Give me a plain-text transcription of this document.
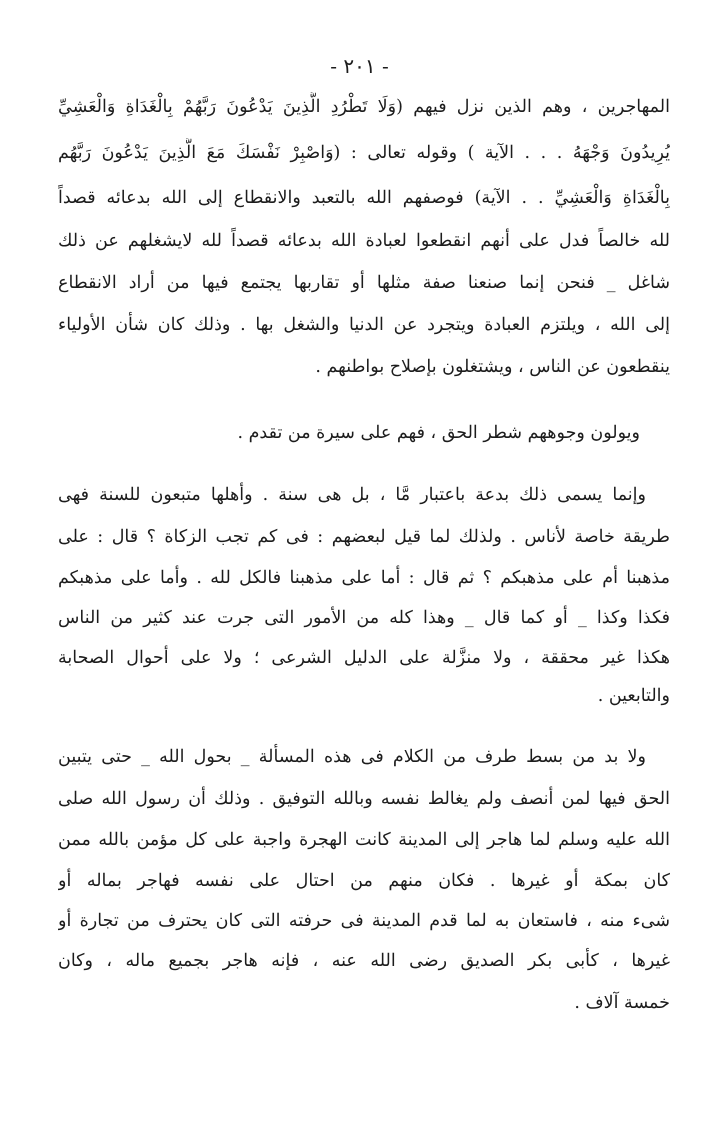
- ٢٠١ -
المهاجرين ، وهم الذين نزل فيهم (وَلَا تَطْرُدِ الَّذِينَ يَدْعُونَ رَبَّهُمْ بِالْغَدَاةِ وَالْعَشِيِّ
يُرِيدُونَ وَجْهَهُ . . . الآية ) وقوله تعالى : (وَاصْبِرْ نَفْسَكَ مَعَ الَّذِينَ يَدْعُونَ رَبَّهُم
بِالْغَدَاةِ وَالْعَشِيِّ . . الآية) فوصفهم الله بالتعبد والانقطاع إلى الله بدعائه قصداً
لله خالصاً فدل على أنهم انقطعوا لعبادة الله بدعائه قصداً لله لايشغلهم عن ذلك
شاغل _ فنحن إنما صنعنا صفة مثلها أو تقاربها يجتمع فيها من أراد الانقطاع
إلى الله ، ويلتزم العبادة ويتجرد عن الدنيا والشغل بها . وذلك كان شأن الأولياء
ينقطعون عن الناس ، ويشتغلون بإصلاح بواطنهم .
ويولون وجوههم شطر الحق ، فهم على سيرة من تقدم .
وإنما يسمى ذلك بدعة باعتبار مَّا ، بل هى سنة . وأهلها متبعون للسنة فهى
طريقة خاصة لأناس . ولذلك لما قيل لبعضهم : فى كم تجب الزكاة ؟ قال : على
مذهبنا أم على مذهبكم ؟ ثم قال : أما على مذهبنا فالكل لله . وأما على مذهبكم
فكذا وكذا _ أو كما قال _ وهذا كله من الأمور التى جرت عند كثير من الناس
هكذا غير محققة ، ولا منزَّلة على الدليل الشرعى ؛ ولا على أحوال الصحابة
والتابعين .
ولا بد من بسط طرف من الكلام فى هذه المسألة _ بحول الله _ حتى يتبين
الحق فيها لمن أنصف ولم يغالط نفسه وبالله التوفيق . وذلك أن رسول الله صلى
الله عليه وسلم لما هاجر إلى المدينة كانت الهجرة واجبة على كل مؤمن بالله ممن
كان بمكة أو غيرها . فكان منهم من احتال على نفسه فهاجر بماله أو
شىء منه ، فاستعان به لما قدم المدينة فى حرفته التى كان يحترف من تجارة أو
غيرها ، كأبى بكر الصديق رضى الله عنه ، فإنه هاجر بجميع ماله ، وكان
خمسة آلاف .
